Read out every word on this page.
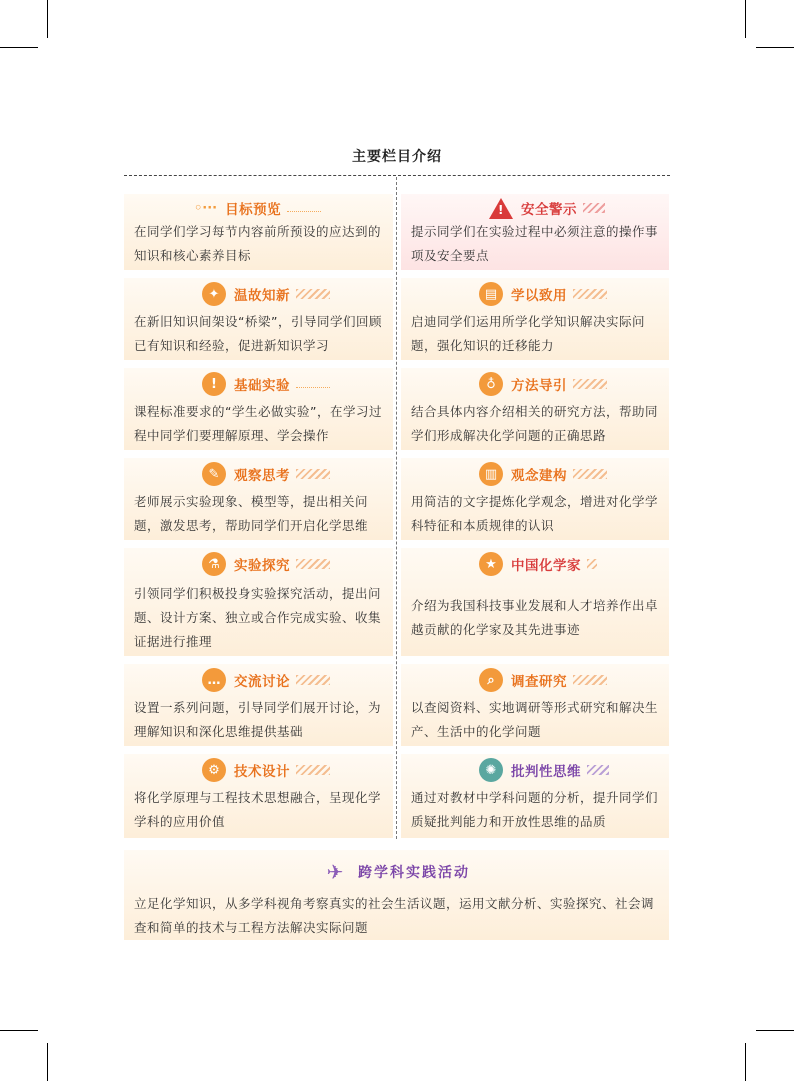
主要栏目介绍
◦··· 目标预览
在同学们学习每节内容前所预设的应达到的知识和核心素养目标
✦	温故知新
在新旧知识间架设“桥梁”，引导同学们回顾已有知识和经验，促进新知识学习
!	基础实验
课程标准要求的“学生必做实验”，在学习过程中同学们要理解原理、学会操作
✎	观察思考
老师展示实验现象、模型等，提出相关问题，激发思考，帮助同学们开启化学思维
⚗	实验探究
引领同学们积极投身实验探究活动，提出问题、设计方案、独立或合作完成实验、收集证据进行推理
…	交流讨论
设置一系列问题，引导同学们展开讨论，为理解知识和深化思维提供基础
⚙	技术设计
将化学原理与工程技术思想融合，呈现化学学科的应用价值
! 安全警示
提示同学们在实验过程中必须注意的操作事项及安全要点
▤	学以致用
启迪同学们运用所学化学知识解决实际问题，强化知识的迁移能力
♁	方法导引
结合具体内容介绍相关的研究方法，帮助同学们形成解决化学问题的正确思路
▥	观念建构
用简洁的文字提炼化学观念，增进对化学学科特征和本质规律的认识
★	中国化学家
介绍为我国科技事业发展和人才培养作出卓越贡献的化学家及其先进事迹
⌕	调查研究
以查阅资料、实地调研等形式研究和解决生产、生活中的化学问题
✺	批判性思维
通过对教材中学科问题的分析，提升同学们质疑批判能力和开放性思维的品质
✈	跨学科实践活动
立足化学知识，从多学科视角考察真实的社会生活议题，运用文献分析、实验探究、社会调查和简单的技术与工程方法解决实际问题
